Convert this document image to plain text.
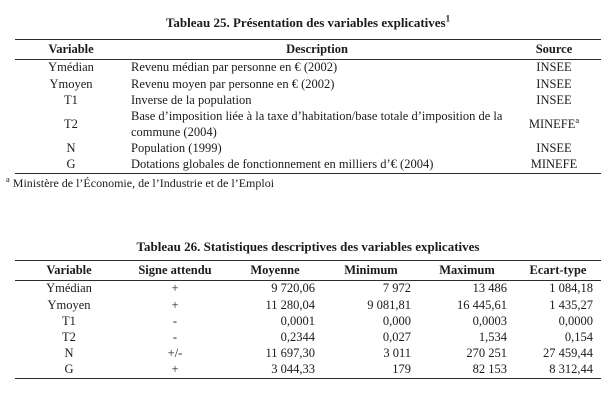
Tableau 25. Présentation des variables explicatives$^1$
Variable	Description	Source
Ymédian	Revenu médian par personne en € (2002)	INSEE
Ymoyen	Revenu moyen par personne en € (2002)	INSEE
T1	Inverse de la population	INSEE
T2	Base d’imposition liée à la taxe d’habitation/base totale d’imposition de la commune (2004)	MINEFE$^a$
N	Population (1999)	INSEE
G	Dotations globales de fonctionnement en milliers d’€ (2004)	MINEFE
$^a$ Ministère de l’Économie, de l’Industrie et de l’Emploi
Tableau 26. Statistiques descriptives des variables explicatives
Variable	Signe attendu	Moyenne	Minimum	Maximum	Ecart-type
Ymédian	+	9 720,06	7 972	13 486	1 084,18
Ymoyen	+	11 280,04	9 081,81	16 445,61	1 435,27
T1	-	0,0001	0,000	0,0003	0,0000
T2	-	0,2344	0,027	1,534	0,154
N	+/-	11 697,30	3 011	270 251	27 459,44
G	+	3 044,33	179	82 153	8 312,44
